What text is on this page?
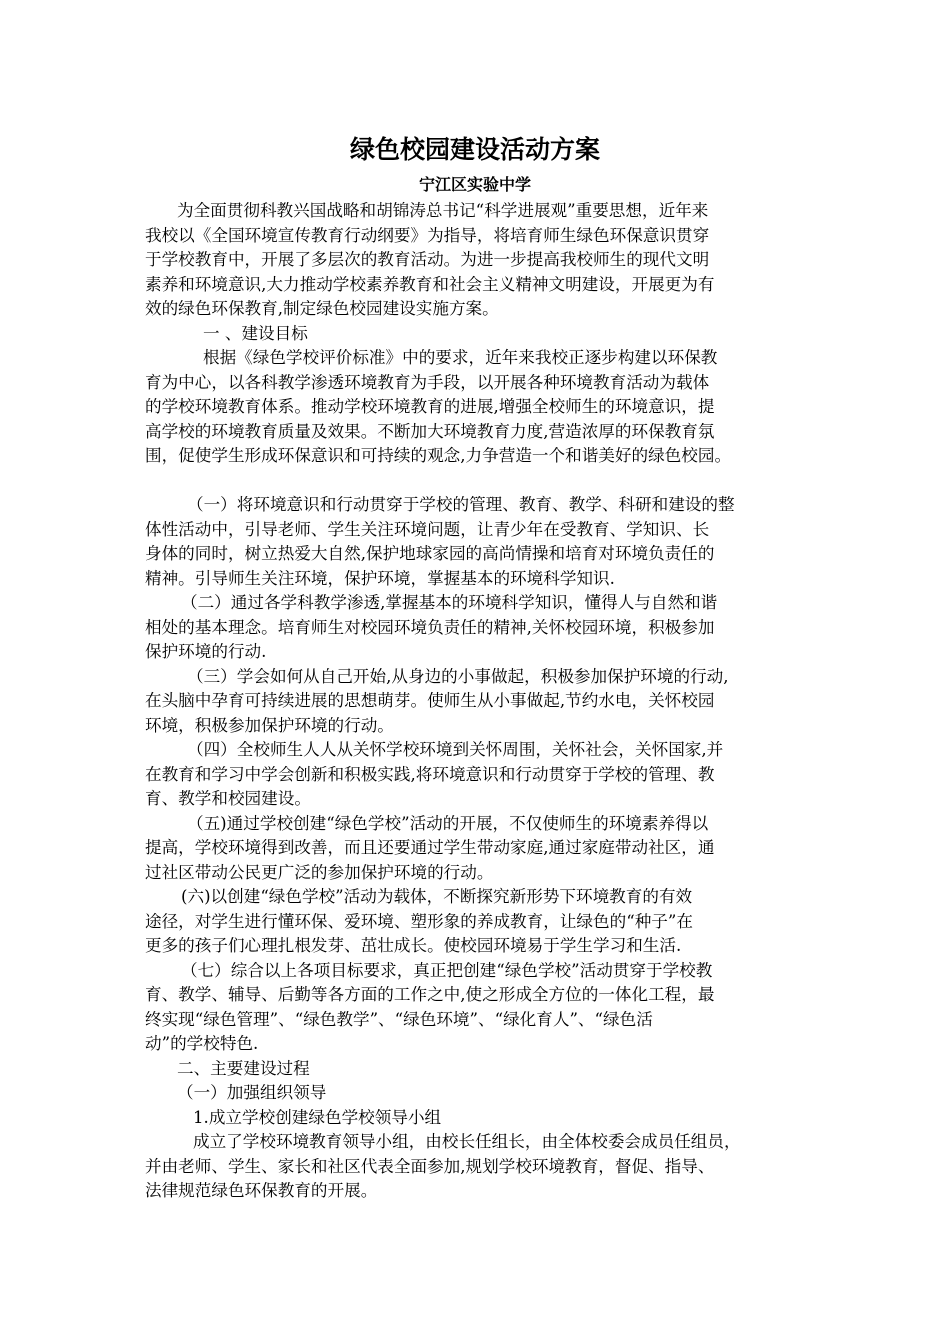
绿色校园建设活动方案
宁江区实验中学
为全面贯彻科教兴国战略和胡锦涛总书记“科学进展观”重要思想，近年来
我校以《全国环境宣传教育行动纲要》为指导，将培育师生绿色环保意识贯穿
于学校教育中，开展了多层次的教育活动。为进一步提高我校师生的现代文明
素养和环境意识,大力推动学校素养教育和社会主义精神文明建设，开展更为有
效的绿色环保教育,制定绿色校园建设实施方案。
一 、建设目标
根据《绿色学校评价标准》中的要求，近年来我校正逐步构建以环保教
育为中心，以各科教学渗透环境教育为手段，以开展各种环境教育活动为载体
的学校环境教育体系。推动学校环境教育的进展,增强全校师生的环境意识，提
高学校的环境教育质量及效果。不断加大环境教育力度,营造浓厚的环保教育氛
围，促使学生形成环保意识和可持续的观念,力争营造一个和谐美好的绿色校园。
（一）将环境意识和行动贯穿于学校的管理、教育、教学、科研和建设的整
体性活动中，引导老师、学生关注环境问题，让青少年在受教育、学知识、长
身体的同时，树立热爱大自然,保护地球家园的高尚情操和培育对环境负责任的
精神。引导师生关注环境，保护环境，掌握基本的环境科学知识.
（二）通过各学科教学渗透,掌握基本的环境科学知识，懂得人与自然和谐
相处的基本理念。培育师生对校园环境负责任的精神,关怀校园环境，积极参加
保护环境的行动.
（三）学会如何从自己开始,从身边的小事做起，积极参加保护环境的行动,
在头脑中孕育可持续进展的思想萌芽。使师生从小事做起,节约水电，关怀校园
环境，积极参加保护环境的行动。
（四）全校师生人人从关怀学校环境到关怀周围，关怀社会，关怀国家,并
在教育和学习中学会创新和积极实践,将环境意识和行动贯穿于学校的管理、教
育、教学和校园建设。
（五)通过学校创建“绿色学校”活动的开展，不仅使师生的环境素养得以
提高，学校环境得到改善，而且还要通过学生带动家庭,通过家庭带动社区，通
过社区带动公民更广泛的参加保护环境的行动。
(六)以创建“绿色学校”活动为载体，不断探究新形势下环境教育的有效
途径，对学生进行懂环保、爱环境、塑形象的养成教育，让绿色的“种子”在
更多的孩子们心理扎根发芽、茁壮成长。使校园环境易于学生学习和生活.
（七）综合以上各项目标要求，真正把创建“绿色学校”活动贯穿于学校教
育、教学、辅导、后勤等各方面的工作之中,使之形成全方位的一体化工程，最
终实现“绿色管理”、“绿色教学”、“绿色环境”、“绿化育人”、“绿色活
动”的学校特色.
二、主要建设过程
（一）加强组织领导
1.成立学校创建绿色学校领导小组
成立了学校环境教育领导小组，由校长任组长，由全体校委会成员任组员，
并由老师、学生、家长和社区代表全面参加,规划学校环境教育，督促、指导、
法律规范绿色环保教育的开展。
